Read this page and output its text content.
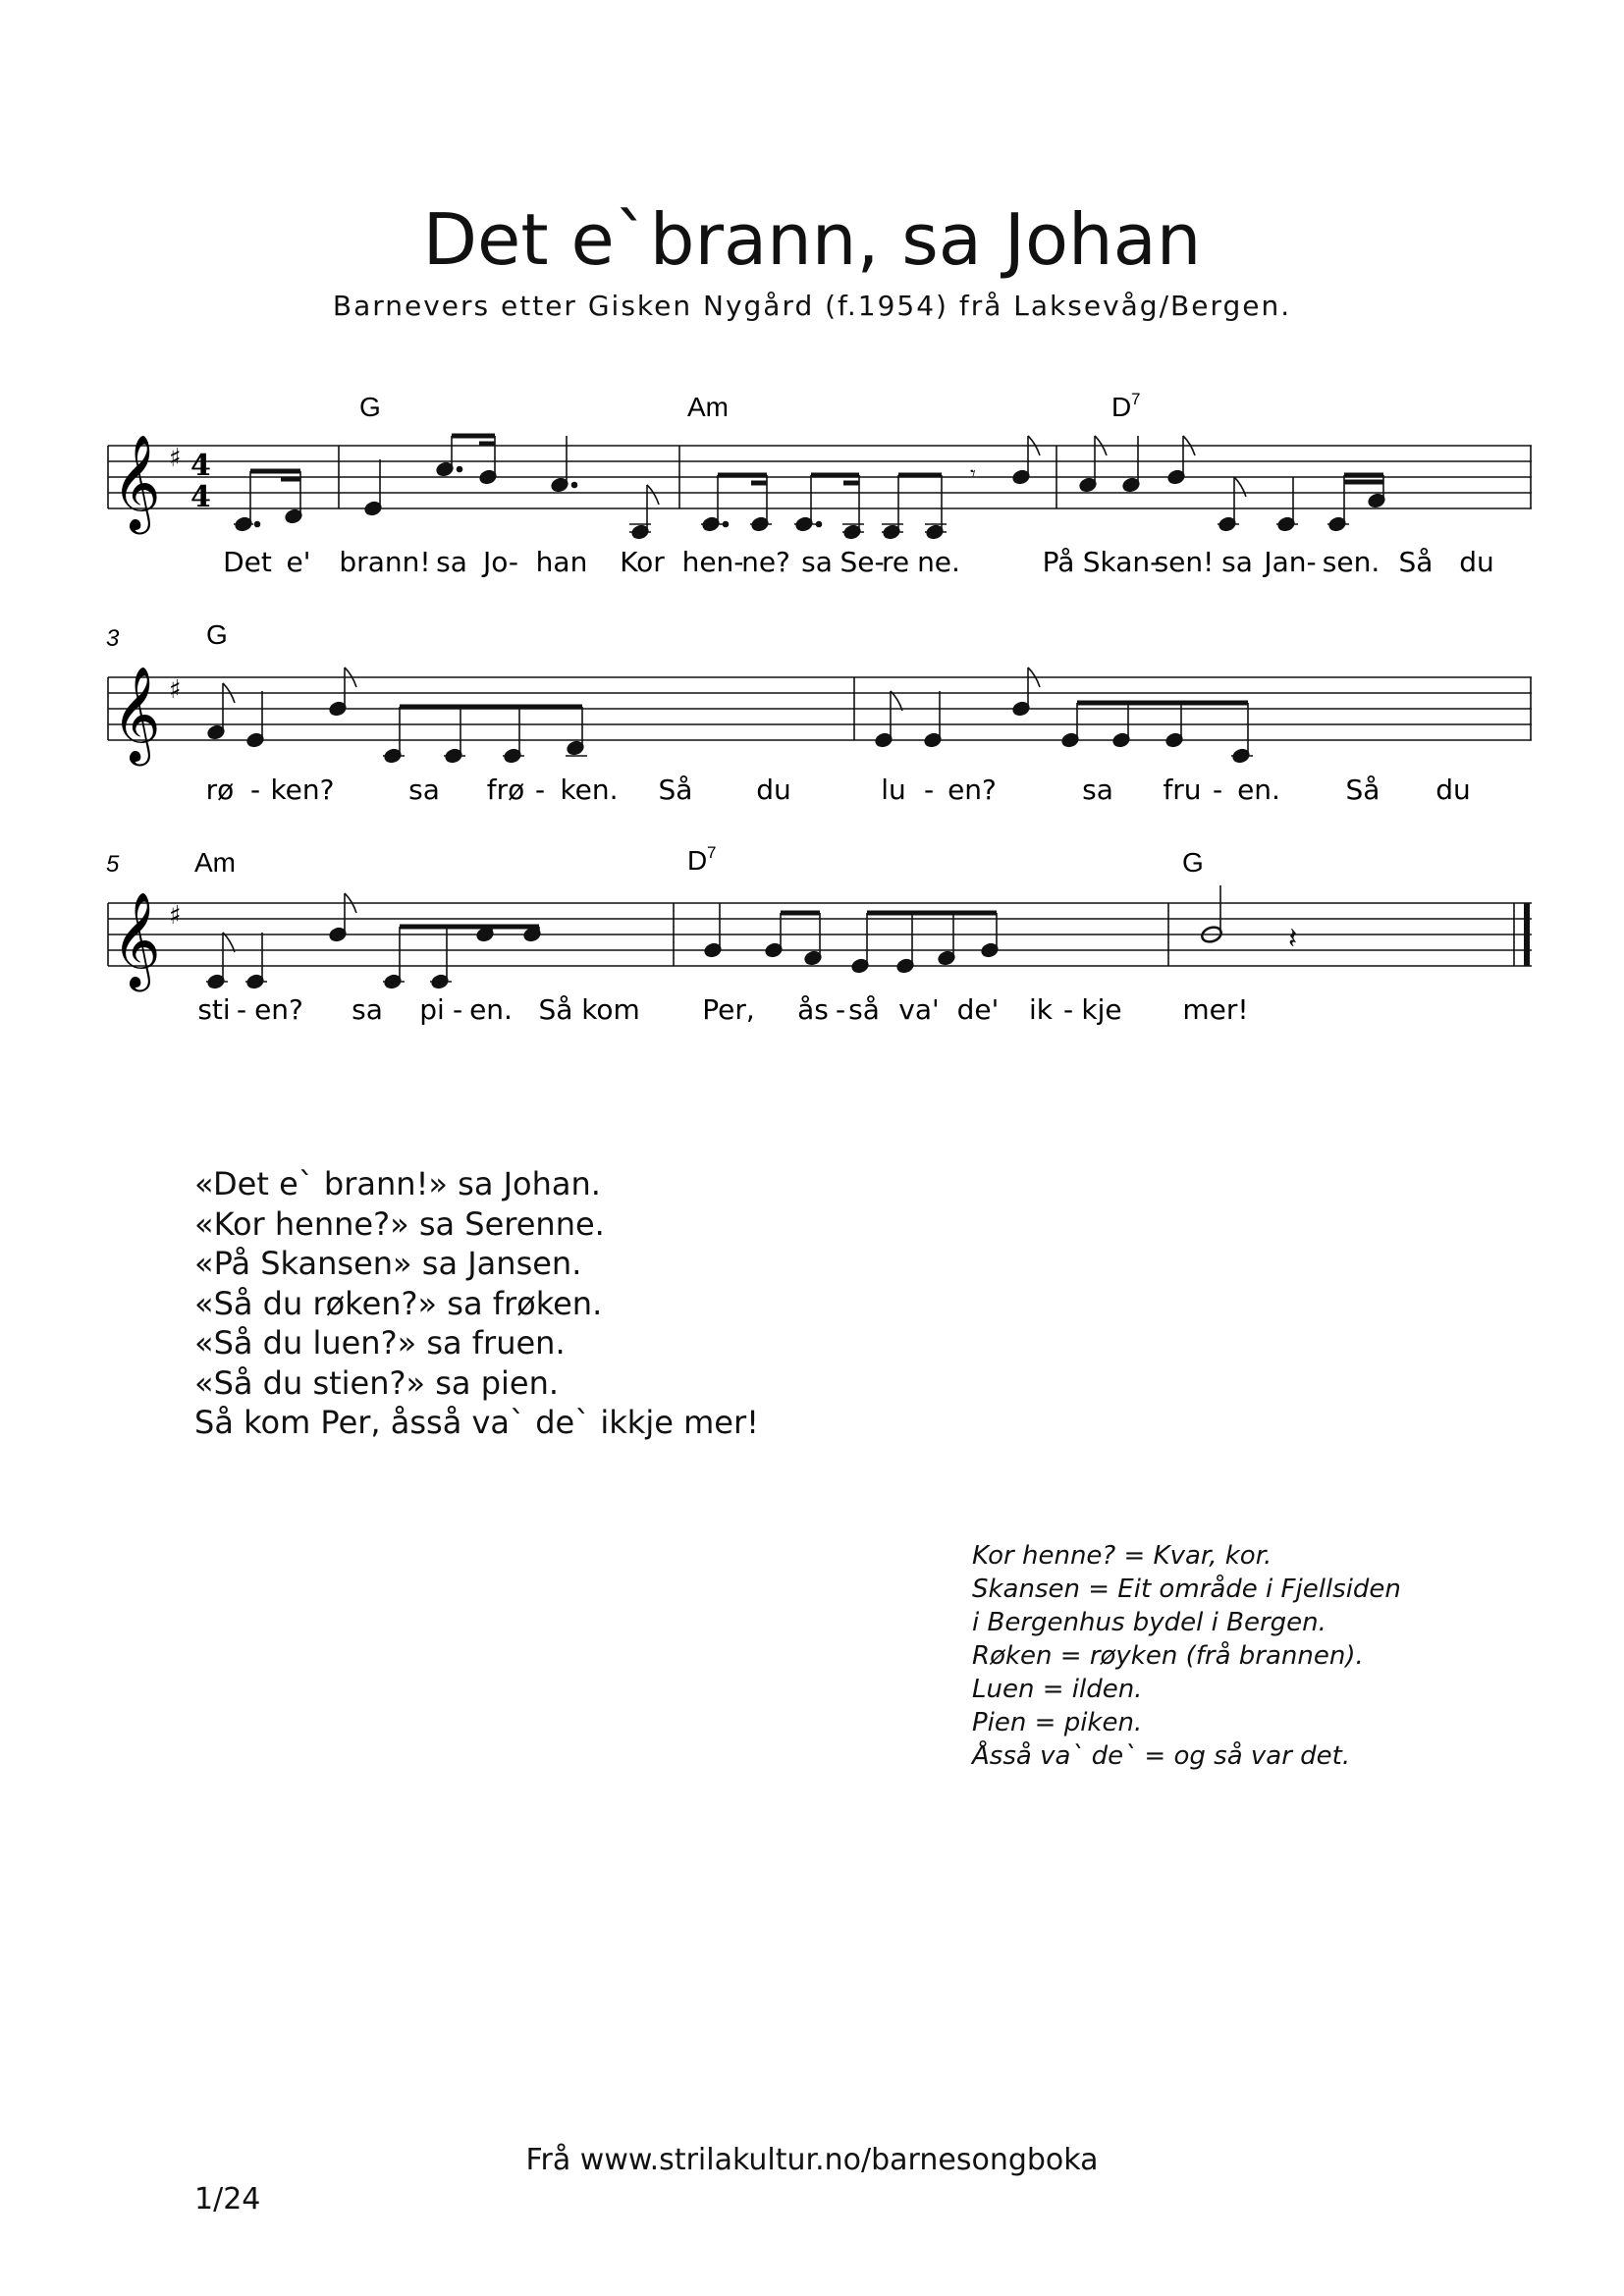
Det e`brann, sa Johan
Barnevers etter Gisken Nygård (f.1954) frå Laksevåg/Bergen.
𝄞 ♯ 4
4
𝄾
G	Am	D 7
Det e' brann! sa Jo- han Kor hen-
ne? sa Se-
re ne.	På Skan-
sen! sa Jan- sen. Så du
3
𝄞 ♯
G
rø - ken?	sa frø - ken. Så du	lu - en?	sa fru - en. Så du
5
𝄞 ♯
𝄽
Am	D 7	G
sti - en? sa pi - en. Så kom Per, ås - så va' de' ik - kje mer!
«Det e` brann!» sa Johan.
«Kor henne?» sa Serenne.
«På Skansen» sa Jansen.
«Så du røken?» sa frøken.
«Så du luen?» sa fruen.
«Så du stien?» sa pien.
Så kom Per, åsså va` de` ikkje mer!
Kor henne? = Kvar, kor.
Skansen = Eit område i Fjellsiden
i Bergenhus bydel i Bergen.
Røken = røyken (frå brannen).
Luen = ilden.
Pien = piken.
Åsså va` de` = og så var det.
Frå www.strilakultur.no/barnesongboka
1/24
